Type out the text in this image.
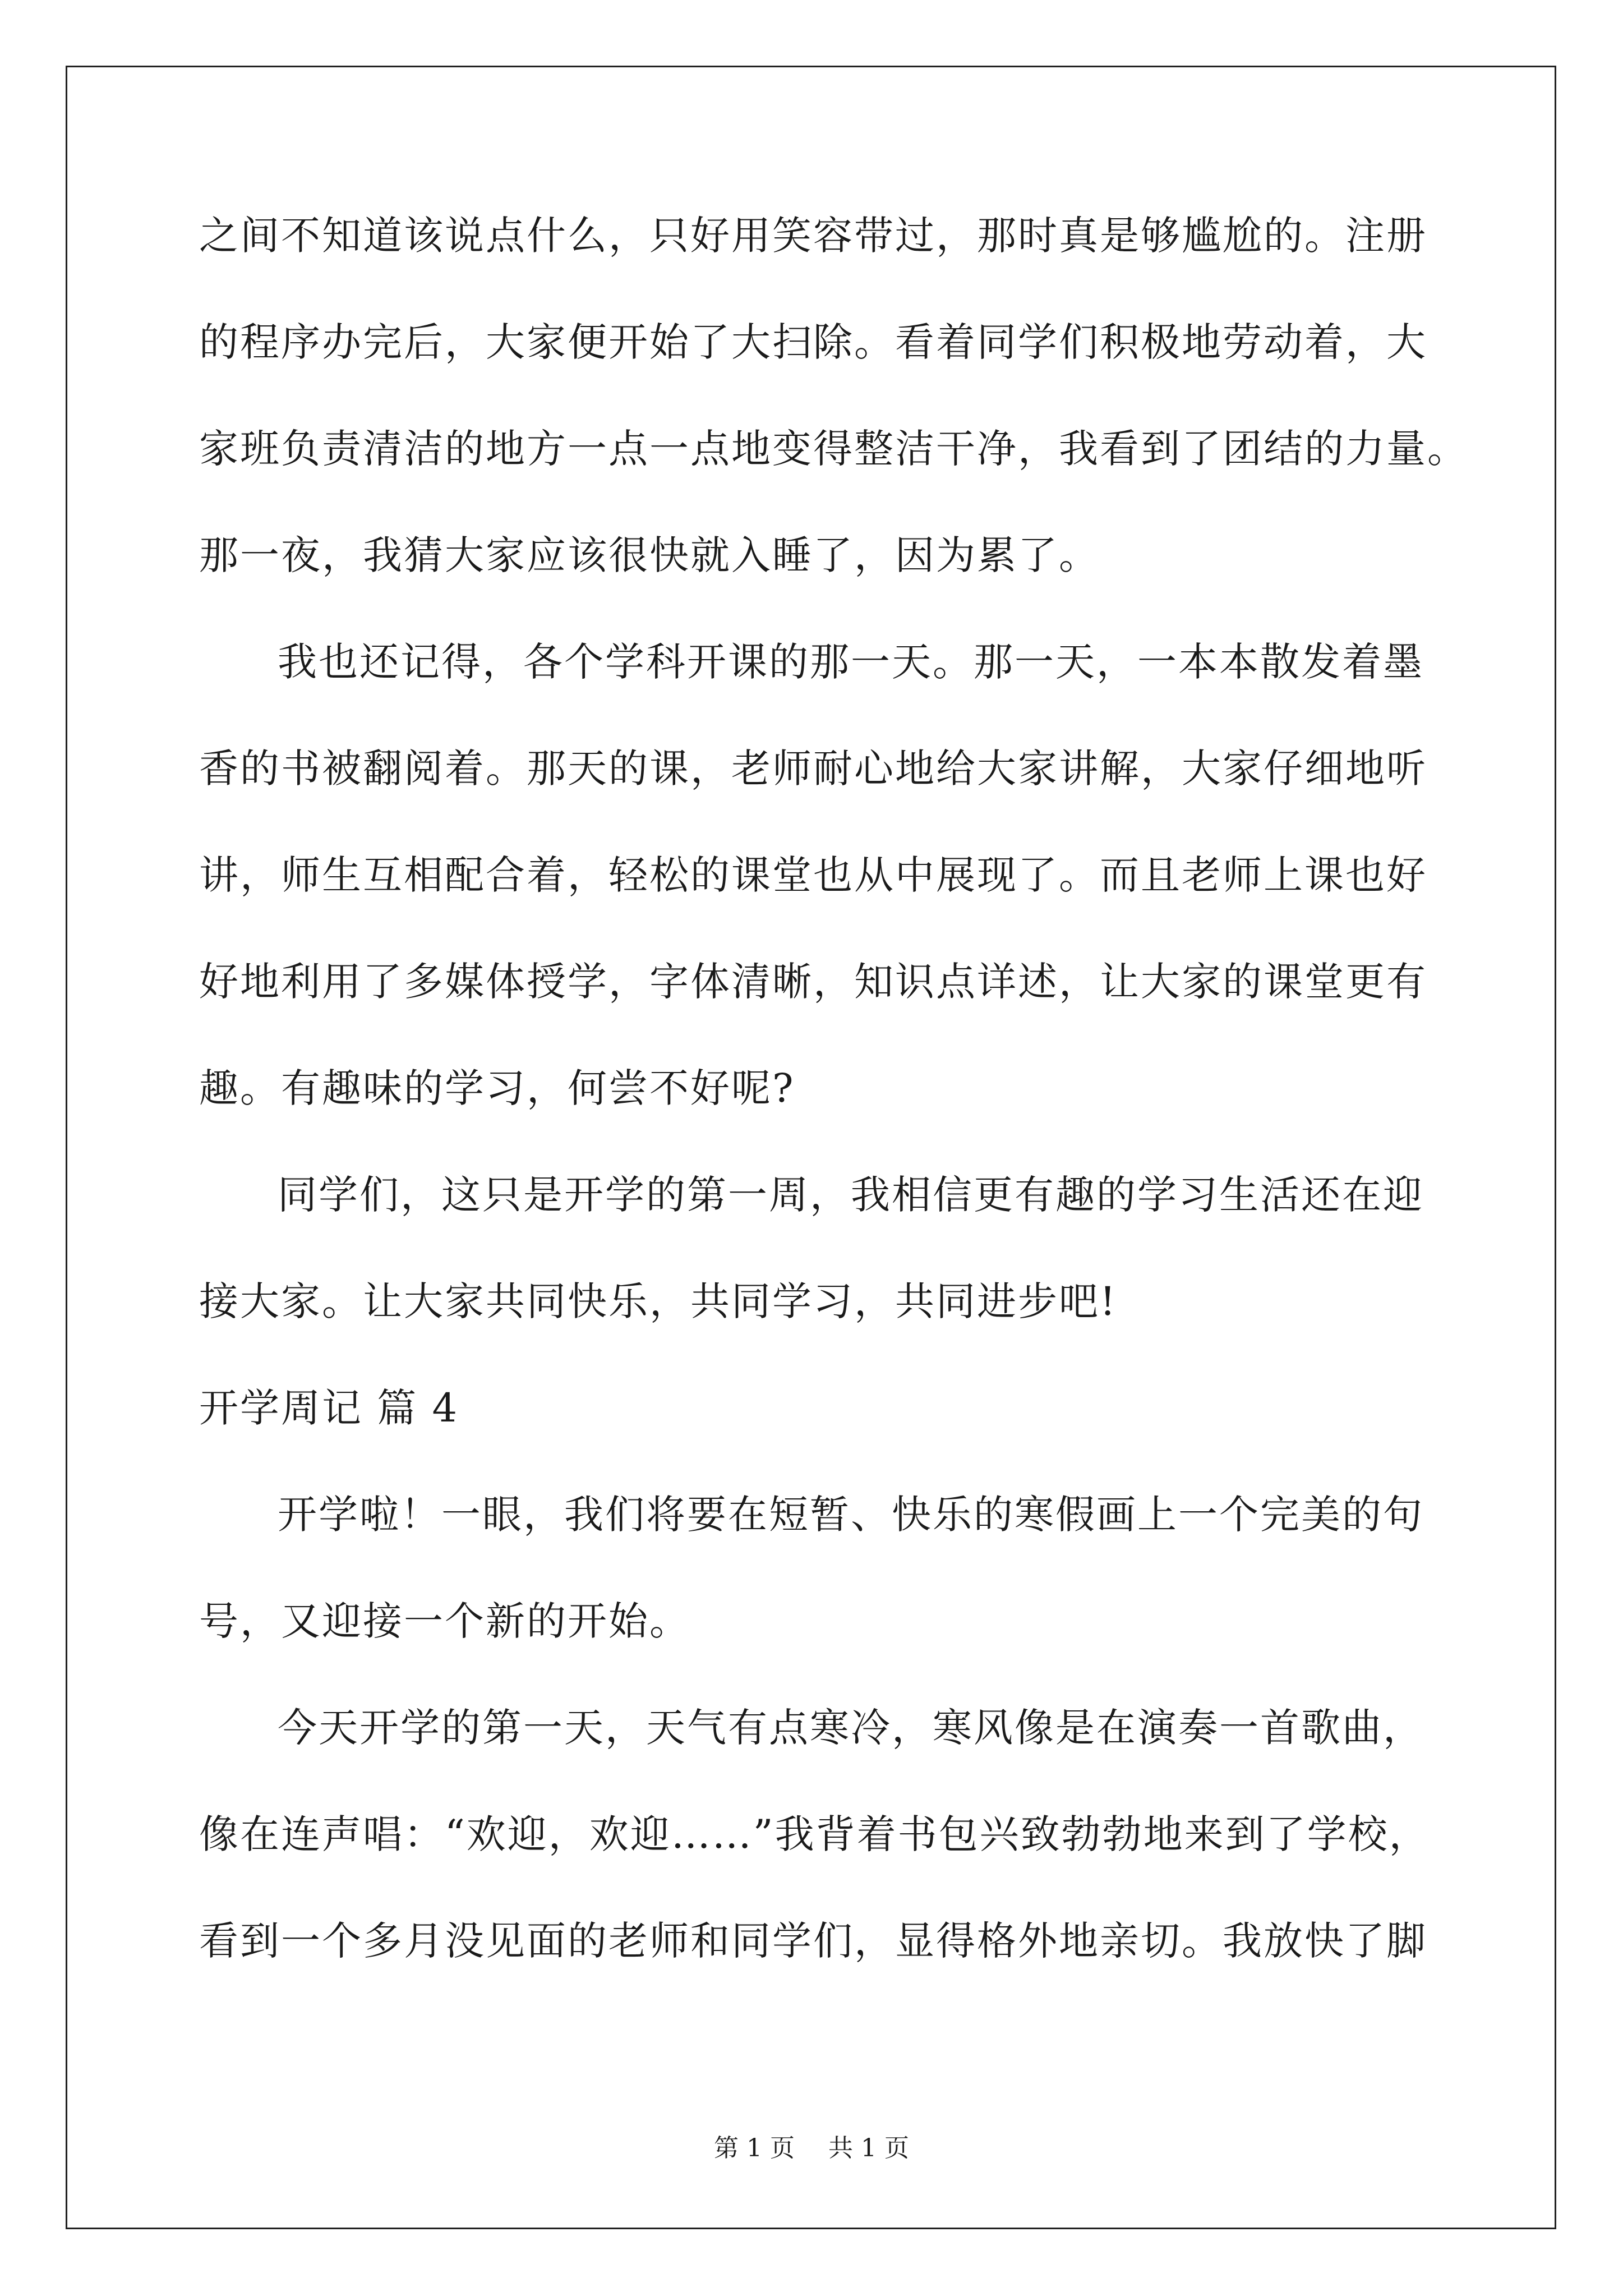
之间不知道该说点什么，只好用笑容带过，那时真是够尴尬的。注册

的程序办完后，大家便开始了大扫除。看着同学们积极地劳动着，大

家班负责清洁的地方一点一点地变得整洁干净，我看到了团结的力量。

那一夜，我猜大家应该很快就入睡了，因为累了。

我也还记得，各个学科开课的那一天。那一天，一本本散发着墨

香的书被翻阅着。那天的课，老师耐心地给大家讲解，大家仔细地听

讲，师生互相配合着，轻松的课堂也从中展现了。而且老师上课也好

好地利用了多媒体授学，字体清晰，知识点详述，让大家的课堂更有

趣。有趣味的学习，何尝不好呢?

同学们，这只是开学的第一周，我相信更有趣的学习生活还在迎

接大家。让大家共同快乐，共同学习，共同进步吧!

开学周记 篇 4

开学啦！一眼，我们将要在短暂、快乐的寒假画上一个完美的句

号，又迎接一个新的开始。

今天开学的第一天，天气有点寒冷，寒风像是在演奏一首歌曲，

像在连声唱：“欢迎，欢迎……”我背着书包兴致勃勃地来到了学校，

看到一个多月没见面的老师和同学们，显得格外地亲切。我放快了脚

第 1 页 共 1 页
